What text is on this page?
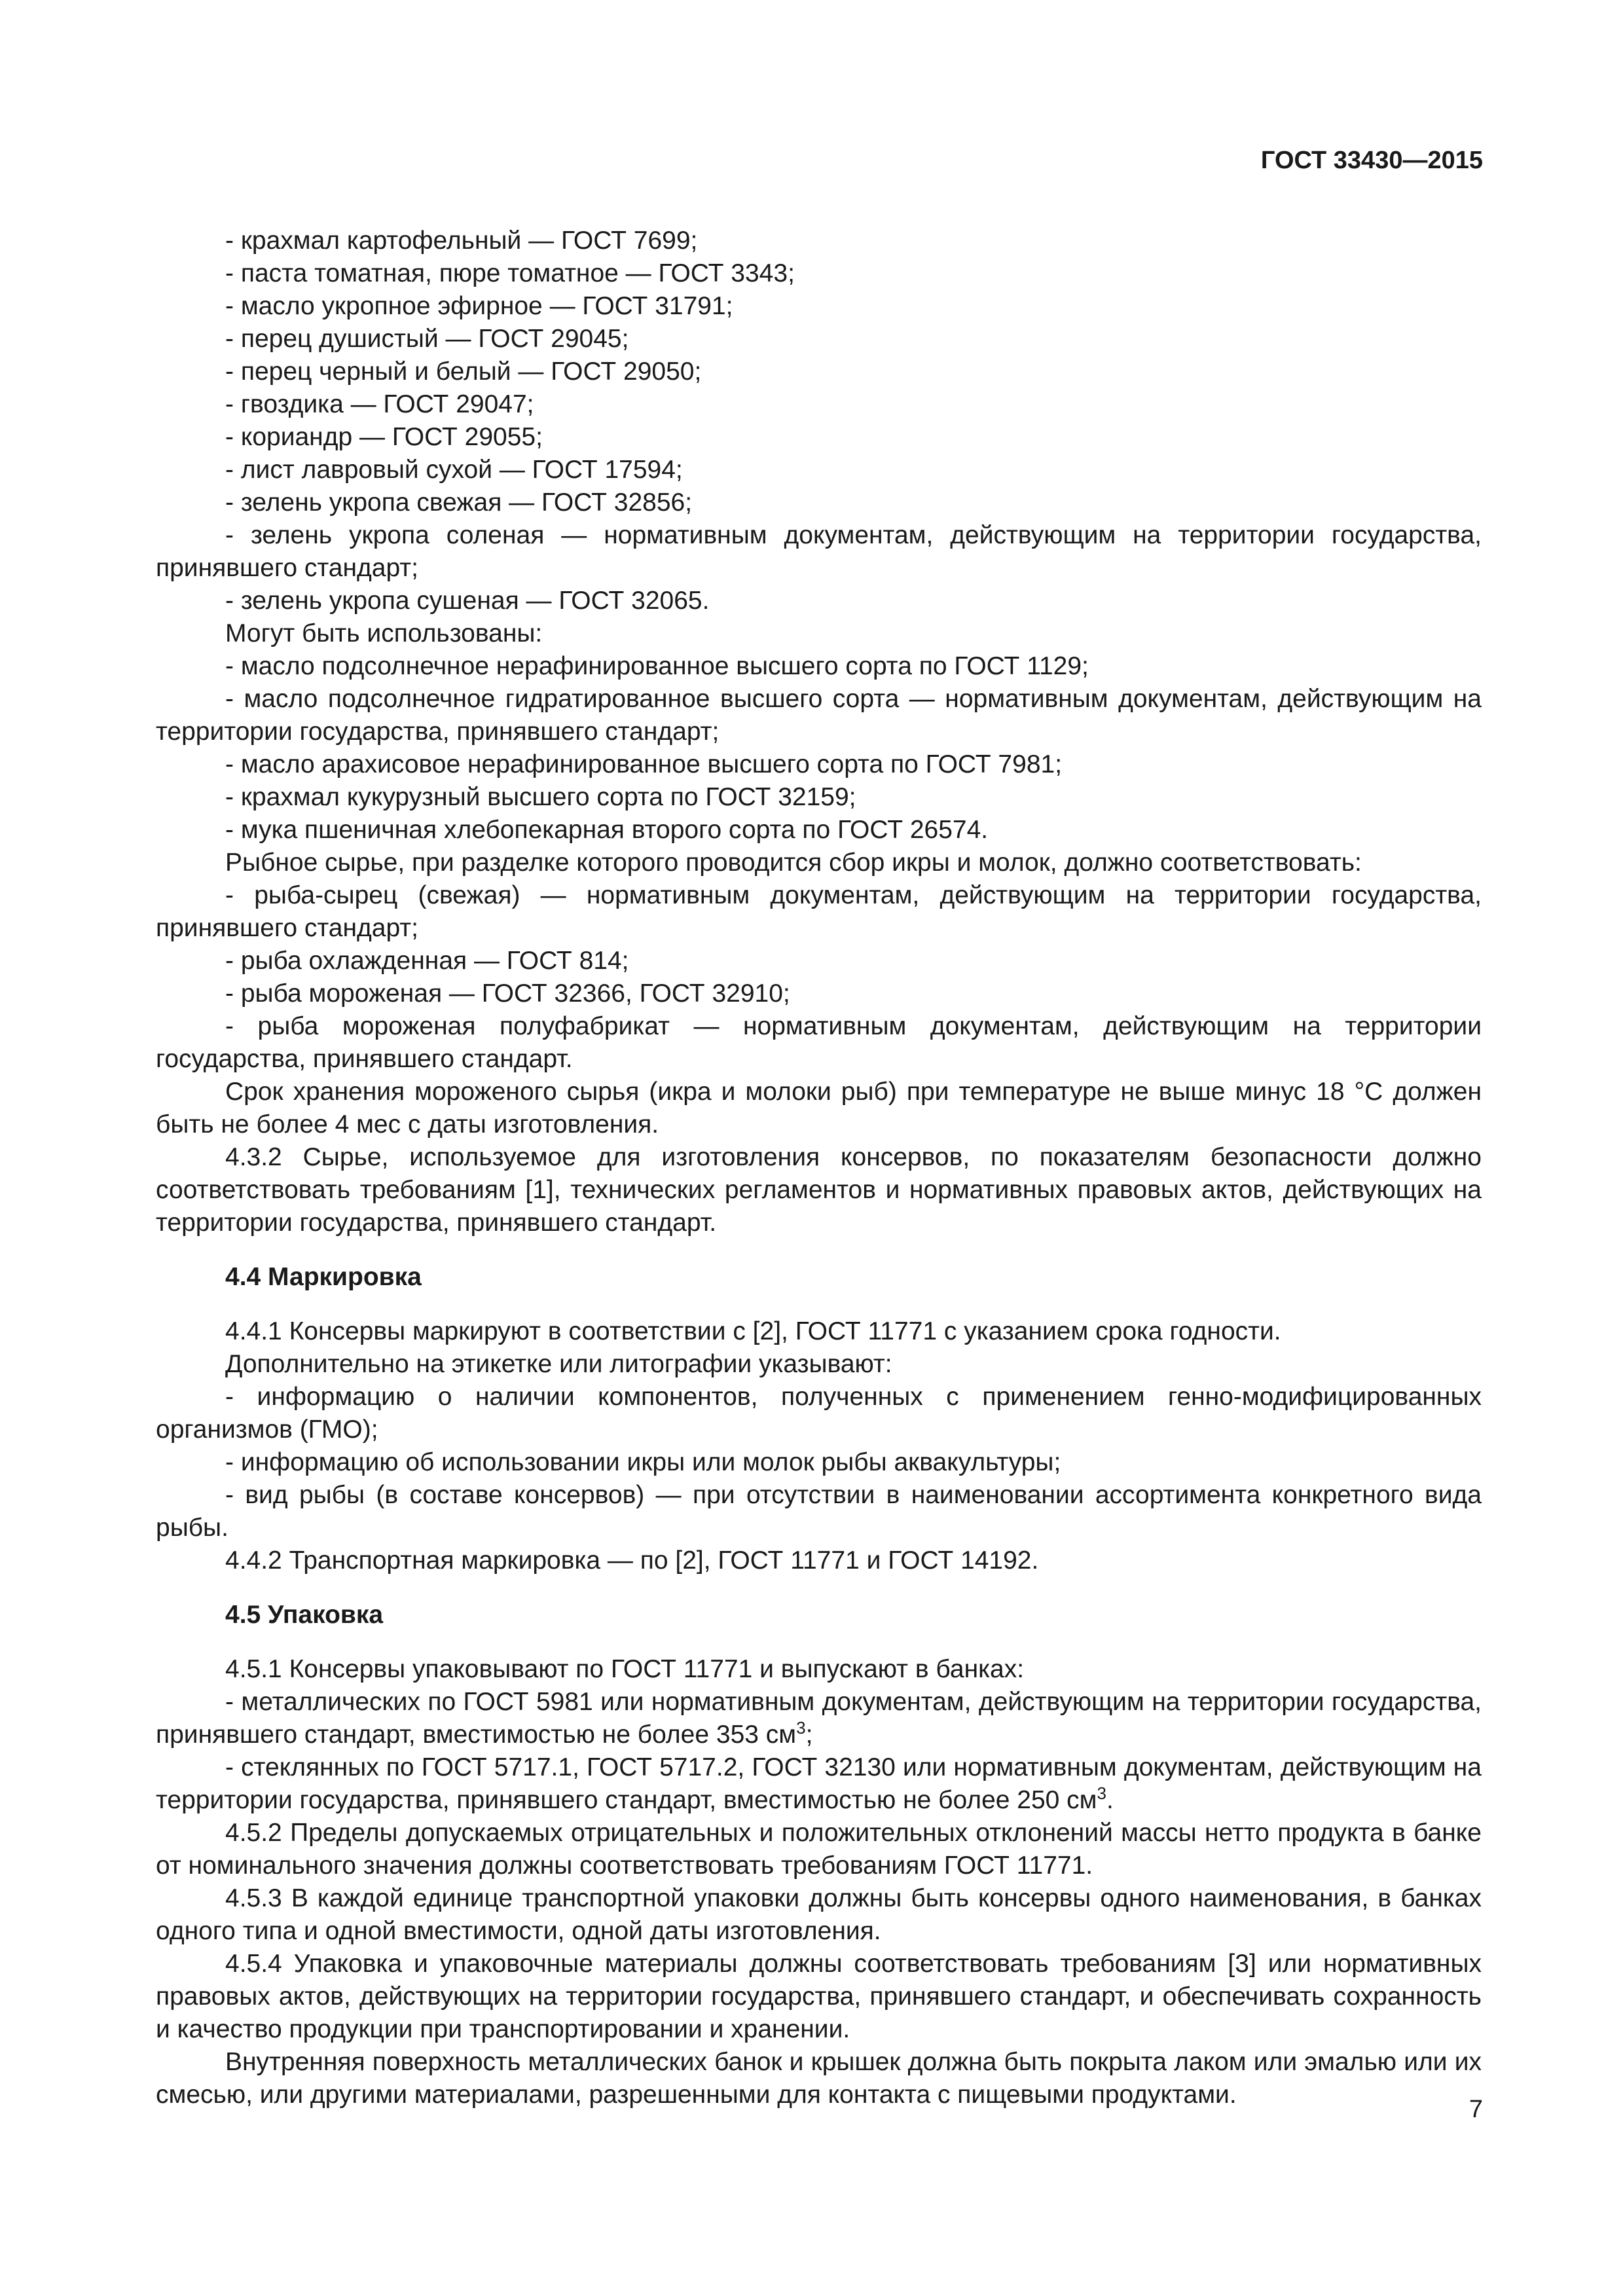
ГОСТ 33430—2015

- крахмал картофельный — ГОСТ 7699;

- паста томатная, пюре томатное — ГОСТ 3343;

- масло укропное эфирное — ГОСТ 31791;

- перец душистый — ГОСТ 29045;

- перец черный и белый — ГОСТ 29050;

- гвоздика — ГОСТ 29047;

- кориандр — ГОСТ 29055;

- лист лавровый сухой — ГОСТ 17594;

- зелень укропа свежая — ГОСТ 32856;

- зелень укропа соленая — нормативным документам, действующим на территории государства, принявшего стандарт;

- зелень укропа сушеная — ГОСТ 32065.

Могут быть использованы:

- масло подсолнечное нерафинированное высшего сорта по ГОСТ 1129;

- масло подсолнечное гидратированное высшего сорта — нормативным документам, действующим на территории государства, принявшего стандарт;

- масло арахисовое нерафинированное высшего сорта по ГОСТ 7981;

- крахмал кукурузный высшего сорта по ГОСТ 32159;

- мука пшеничная хлебопекарная второго сорта по ГОСТ 26574.

Рыбное сырье, при разделке которого проводится сбор икры и молок, должно соответствовать:

- рыба-сырец (свежая) — нормативным документам, действующим на территории государства, принявшего стандарт;

- рыба охлажденная — ГОСТ 814;

- рыба мороженая — ГОСТ 32366, ГОСТ 32910;

- рыба мороженая полуфабрикат — нормативным документам, действующим на территории государства, принявшего стандарт.

Срок хранения мороженого сырья (икра и молоки рыб) при температуре не выше минус 18 °С должен быть не более 4 мес с даты изготовления.

4.3.2 Сырье, используемое для изготовления консервов, по показателям безопасности должно соответствовать требованиям [1], технических регламентов и нормативных правовых актов, действующих на территории государства, принявшего стандарт.

4.4 Маркировка

4.4.1 Консервы маркируют в соответствии с [2], ГОСТ 11771 с указанием срока годности.

Дополнительно на этикетке или литографии указывают:

- информацию о наличии компонентов, полученных с применением генно-модифицированных организмов (ГМО);

- информацию об использовании икры или молок рыбы аквакультуры;

- вид рыбы (в составе консервов) — при отсутствии в наименовании ассортимента конкретного вида рыбы.

4.4.2 Транспортная маркировка — по [2], ГОСТ 11771 и ГОСТ 14192.

4.5 Упаковка

4.5.1 Консервы упаковывают по ГОСТ 11771 и выпускают в банках:

- металлических по ГОСТ 5981 или нормативным документам, действующим на территории государства, принявшего стандарт, вместимостью не более 353 $см^3$;

- стеклянных по ГОСТ 5717.1, ГОСТ 5717.2, ГОСТ 32130 или нормативным документам, действующим на территории государства, принявшего стандарт, вместимостью не более 250 $см^3$.

4.5.2 Пределы допускаемых отрицательных и положительных отклонений массы нетто продукта в банке от номинального значения должны соответствовать требованиям ГОСТ 11771.

4.5.3 В каждой единице транспортной упаковки должны быть консервы одного наименования, в банках одного типа и одной вместимости, одной даты изготовления.

4.5.4 Упаковка и упаковочные материалы должны соответствовать требованиям [3] или нормативных правовых актов, действующих на территории государства, принявшего стандарт, и обеспечивать сохранность и качество продукции при транспортировании и хранении.

Внутренняя поверхность металлических банок и крышек должна быть покрыта лаком или эмалью или их смесью, или другими материалами, разрешенными для контакта с пищевыми продуктами.

7
